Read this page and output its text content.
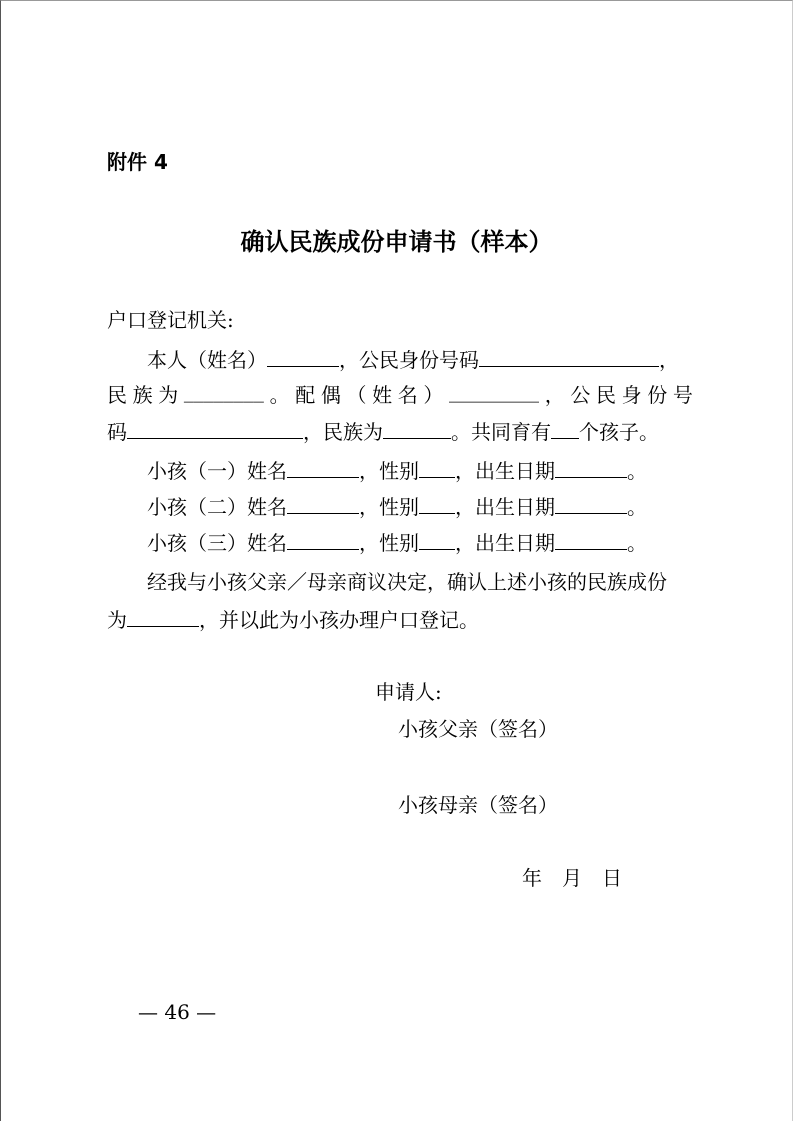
附件 4
确认民族成份申请书（样本）
户口登记机关:
本人（姓名）	，公民身份号码	，
民 族 为 ________ 。 配 偶 （ 姓 名 ） _________ ， 公 民 身 份 号
码	，民族为	。共同育有 个孩子。
小孩（一）姓名	，性别 ，出生日期	。
小孩（二）姓名	，性别 ，出生日期	。
小孩（三）姓名	，性别 ，出生日期	。
经我与小孩父亲／母亲商议决定，确认上述小孩的民族成份
为	，并以此为小孩办理户口登记。
申请人:
小孩父亲（签名）
小孩母亲（签名）
年　月　日
— 46 —
